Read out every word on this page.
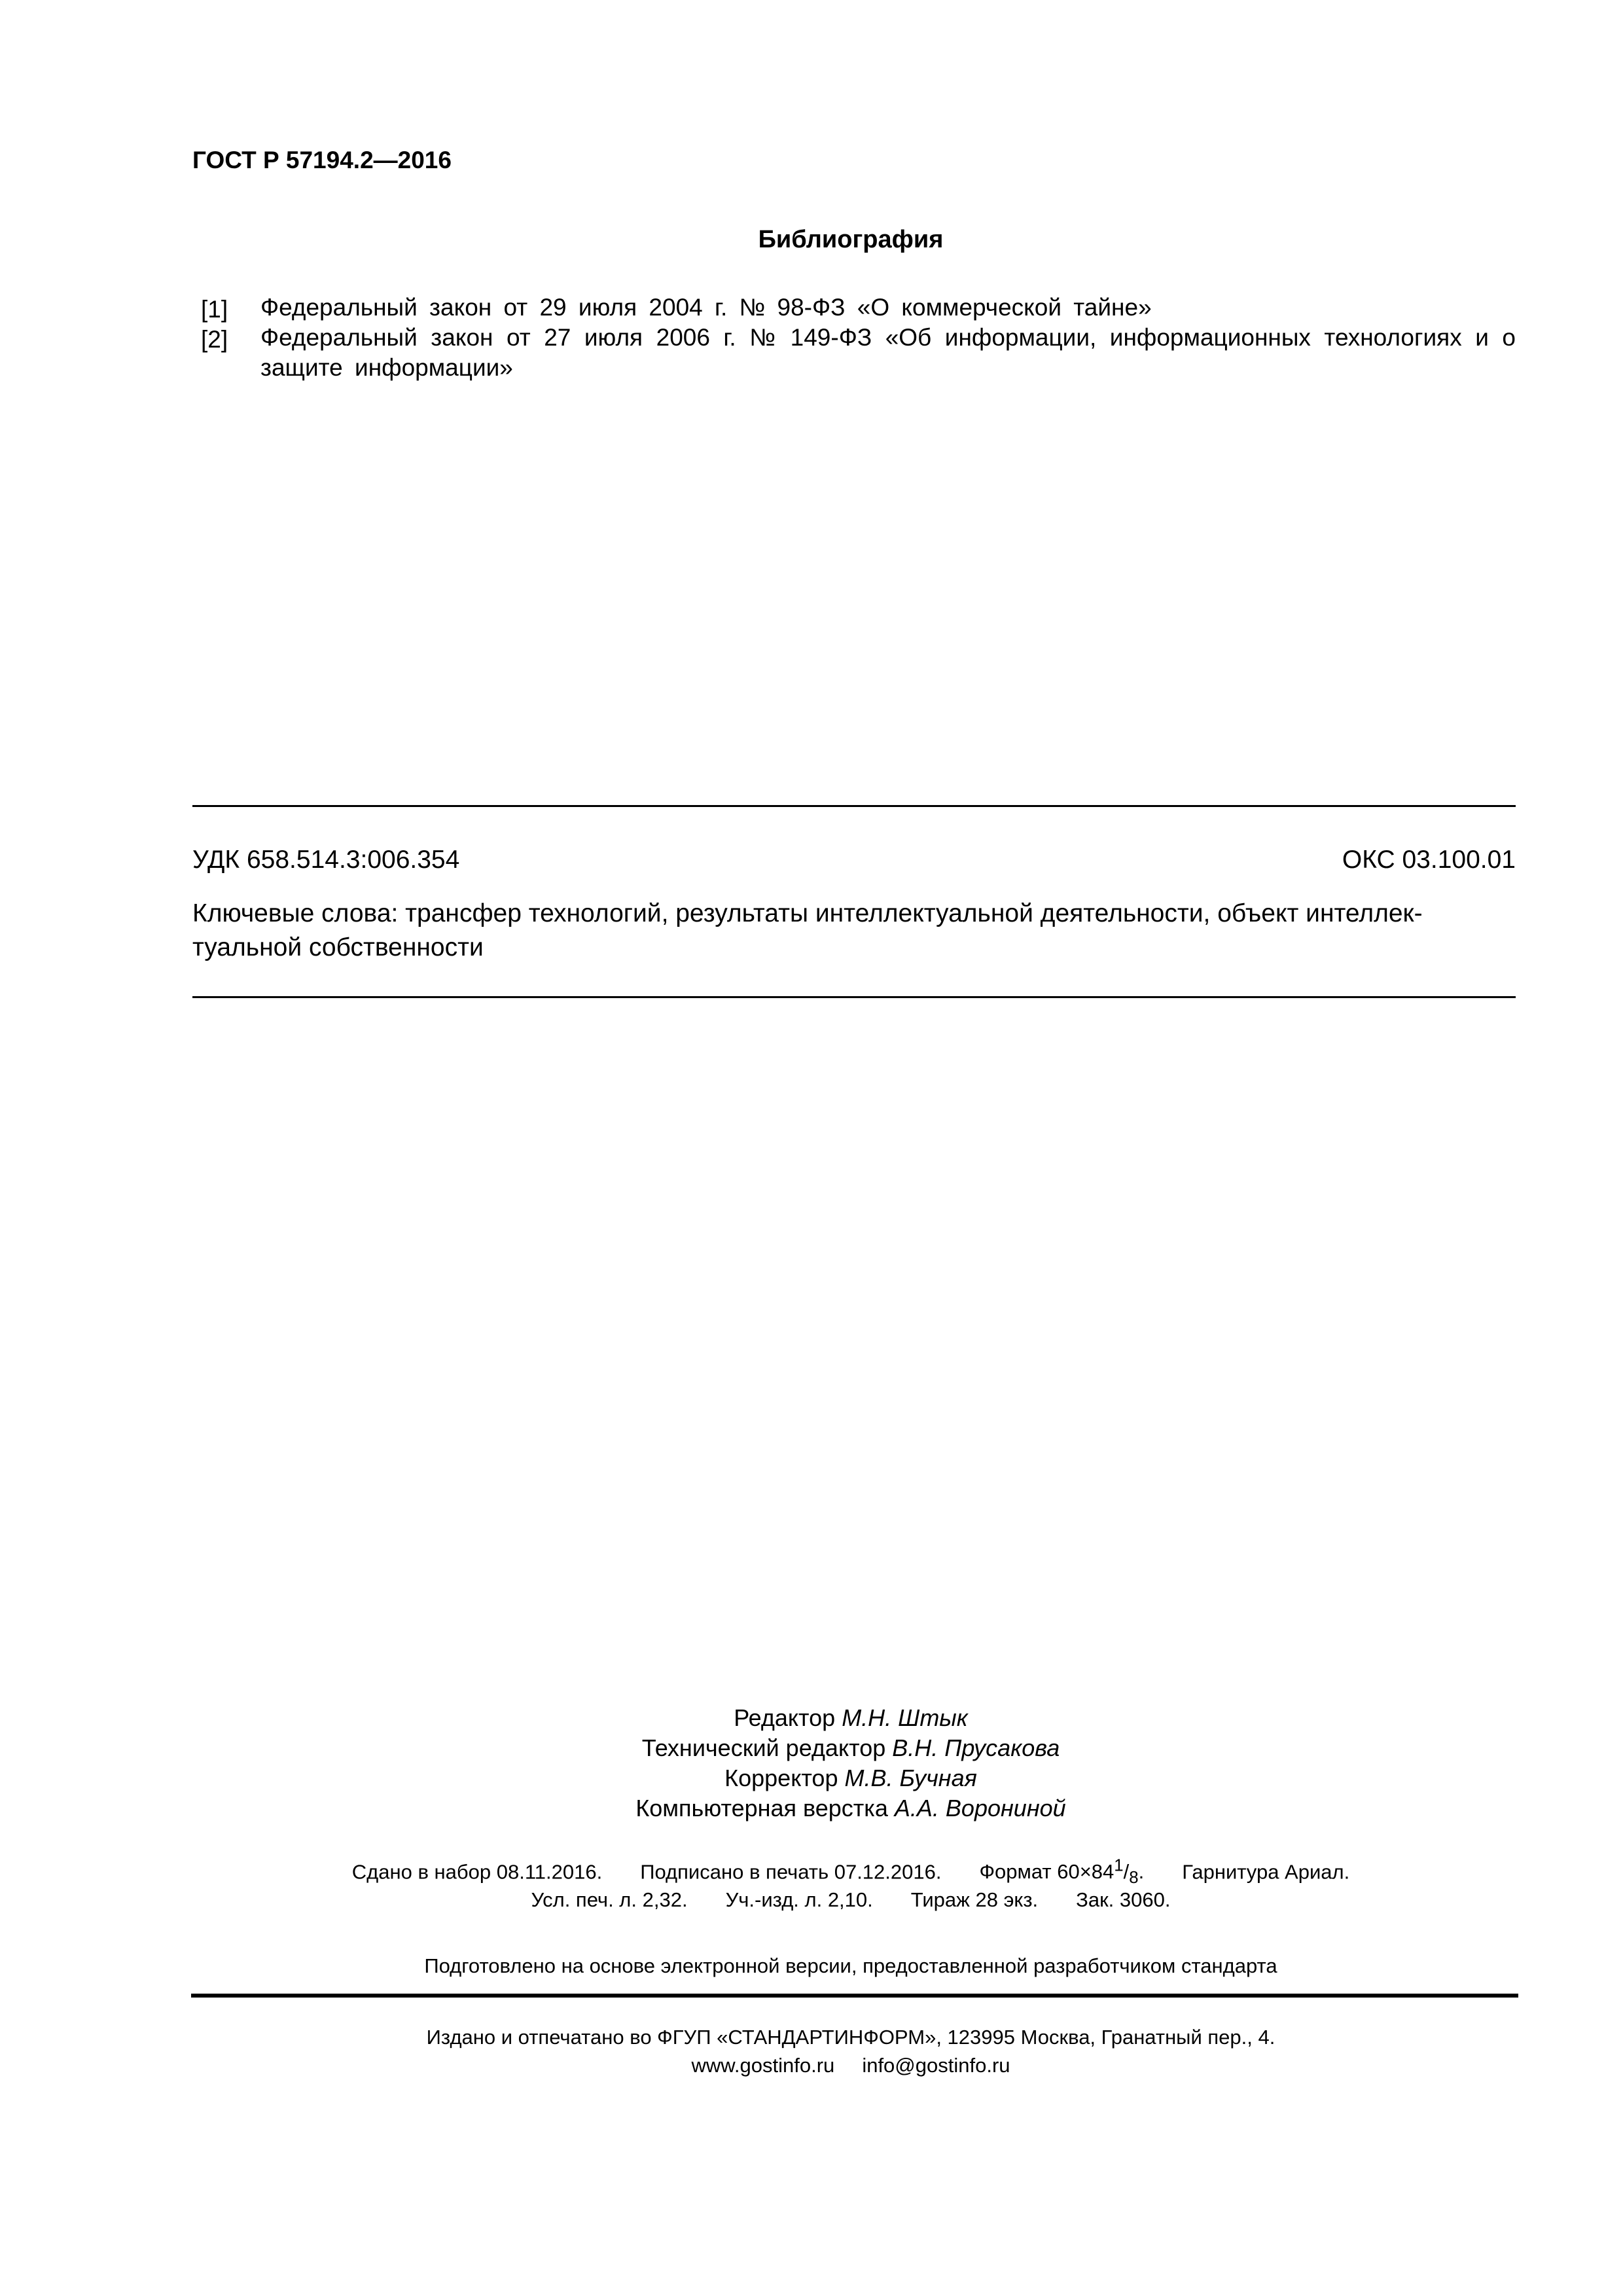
ГОСТ Р 57194.2—2016
Библиография
[1] Федеральный закон от 29 июля 2004 г. № 98-ФЗ «О коммерческой тайне»
[2] Федеральный закон от 27 июля 2006 г. № 149-ФЗ «Об информации, информационных технологиях и о защите информации»
УДК 658.514.3:006.354	ОКС 03.100.01
Ключевые слова: трансфер технологий, результаты интеллектуальной деятельности, объект интеллек-туальной собственности
Редактор М.Н. Штык
Технический редактор В.Н. Прусакова
Корректор М.В. Бучная
Компьютерная верстка А.А. Ворониной
Сдано в набор 08.11.2016. Подписано в печать 07.12.2016. Формат $60\times 84^1/_8$. Гарнитура Ариал.
Усл. печ. л. 2,32. Уч.-изд. л. 2,10. Тираж 28 экз. Зак. 3060.
Подготовлено на основе электронной версии, предоставленной разработчиком стандарта
Издано и отпечатано во ФГУП «СТАНДАРТИНФОРМ», 123995 Москва, Гранатный пер., 4.
www.gostinfo.ru info@gostinfo.ru
